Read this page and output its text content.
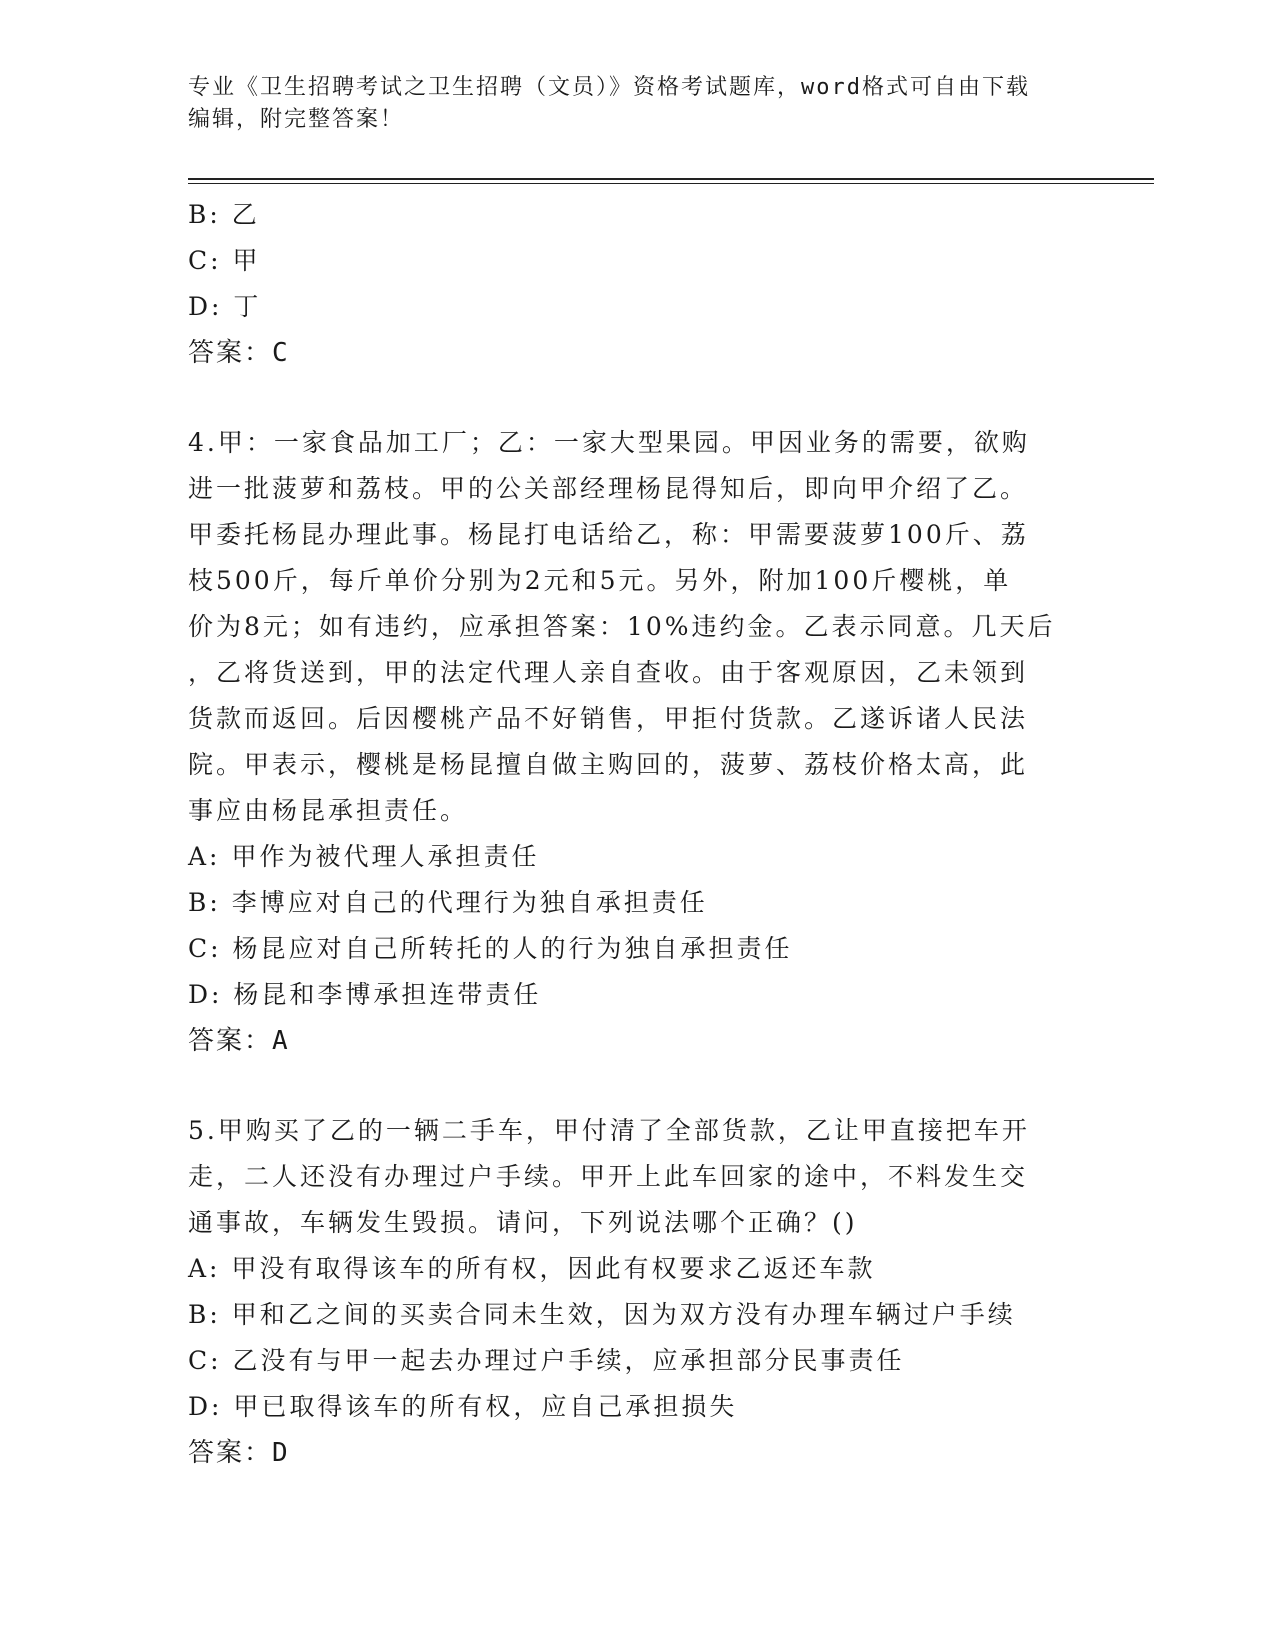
专业《卫生招聘考试之卫生招聘（文员）》资格考试题库，word格式可自由下载
编辑，附完整答案！
B: 乙
C: 甲
D: 丁
答案：C
4.甲：一家食品加工厂；乙：一家大型果园。甲因业务的需要，欲购
进一批菠萝和荔枝。甲的公关部经理杨昆得知后，即向甲介绍了乙。
甲委托杨昆办理此事。杨昆打电话给乙，称：甲需要菠萝100斤、荔
枝500斤，每斤单价分别为2元和5元。另外，附加100斤樱桃，单
价为8元；如有违约，应承担答案：10%违约金。乙表示同意。几天后
，乙将货送到，甲的法定代理人亲自查收。由于客观原因，乙未领到
货款而返回。后因樱桃产品不好销售，甲拒付货款。乙遂诉诸人民法
院。甲表示，樱桃是杨昆擅自做主购回的，菠萝、荔枝价格太高，此
事应由杨昆承担责任。
A: 甲作为被代理人承担责任
B: 李博应对自己的代理行为独自承担责任
C: 杨昆应对自己所转托的人的行为独自承担责任
D: 杨昆和李博承担连带责任
答案：A
5.甲购买了乙的一辆二手车，甲付清了全部货款，乙让甲直接把车开
走，二人还没有办理过户手续。甲开上此车回家的途中，不料发生交
通事故，车辆发生毁损。请问，下列说法哪个正确？()
A: 甲没有取得该车的所有权，因此有权要求乙返还车款
B: 甲和乙之间的买卖合同未生效，因为双方没有办理车辆过户手续
C: 乙没有与甲一起去办理过户手续，应承担部分民事责任
D: 甲已取得该车的所有权，应自己承担损失
答案：D
